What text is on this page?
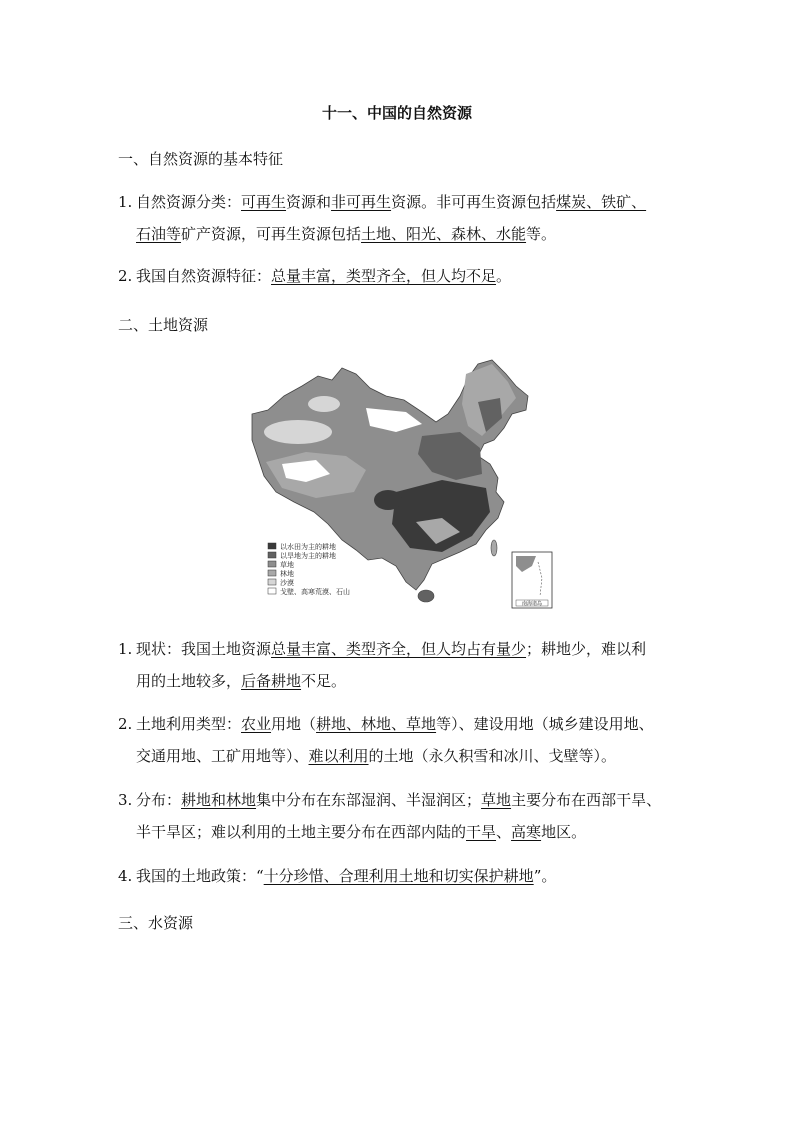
十一、中国的自然资源
一、自然资源的基本特征
1. 自然资源分类：可再生资源和非可再生资源。非可再生资源包括煤炭、铁矿、
石油等矿产资源，可再生资源包括土地、阳光、森林、水能等。
2. 我国自然资源特征：总量丰富，类型齐全，但人均不足。
二、土地资源
以水田为主的耕地
以旱地为主的耕地
草地
林地
沙漠
戈壁、高寒荒漠、石山
南海诸岛
1. 现状：我国土地资源总量丰富、类型齐全，但人均占有量少；耕地少，难以利
用的土地较多，后备耕地不足。
2. 土地利用类型：农业用地（耕地、林地、草地等）、建设用地（城乡建设用地、
交通用地、工矿用地等）、难以利用的土地（永久积雪和冰川、戈壁等）。
3. 分布：耕地和林地集中分布在东部湿润、半湿润区；草地主要分布在西部干旱、
半干旱区；难以利用的土地主要分布在西部内陆的干旱、高寒地区。
4. 我国的土地政策：“十分珍惜、合理利用土地和切实保护耕地”。
三、水资源
